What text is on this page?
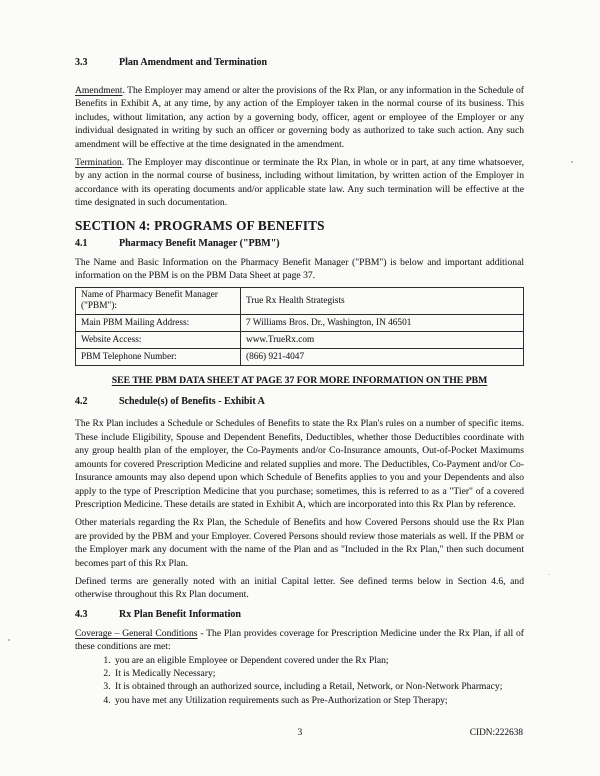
3.3	Plan Amendment and Termination

Amendment. The Employer may amend or alter the provisions of the Rx Plan, or any information in the Schedule of Benefits in Exhibit A, at any time, by any action of the Employer taken in the normal course of its business. This includes, without limitation, any action by a governing body, officer, agent or employee of the Employer or any individual designated in writing by such an officer or governing body as authorized to take such action. Any such amendment will be effective at the time designated in the amendment.

Termination. The Employer may discontinue or terminate the Rx Plan, in whole or in part, at any time whatsoever, by any action in the normal course of business, including without limitation, by written action of the Employer in accordance with its operating documents and/or applicable state law. Any such termination will be effective at the time designated in such documentation.

SECTION 4: PROGRAMS OF BENEFITS
4.1	Pharmacy Benefit Manager ("PBM")

The Name and Basic Information on the Pharmacy Benefit Manager ("PBM") is below and important additional information on the PBM is on the PBM Data Sheet at page 37.

Name of Pharmacy Benefit Manager ("PBM"):	True Rx Health Strategists
Main PBM Mailing Address:	7 Williams Bros. Dr., Washington, IN 46501
Website Access:	www.TrueRx.com
PBM Telephone Number:	(866) 921-4047
SEE THE PBM DATA SHEET AT PAGE 37 FOR MORE INFORMATION ON THE PBM
4.2	Schedule(s) of Benefits - Exhibit A

The Rx Plan includes a Schedule or Schedules of Benefits to state the Rx Plan's rules on a number of specific items. These include Eligibility, Spouse and Dependent Benefits, Deductibles, whether those Deductibles coordinate with any group health plan of the employer, the Co-Payments and/or Co-Insurance amounts, Out-of-Pocket Maximums amounts for covered Prescription Medicine and related supplies and more. The Deductibles, Co-Payment and/or Co-Insurance amounts may also depend upon which Schedule of Benefits applies to you and your Dependents and also apply to the type of Prescription Medicine that you purchase; sometimes, this is referred to as a "Tier" of a covered Prescription Medicine. These details are stated in Exhibit A, which are incorporated into this Rx Plan by reference.

Other materials regarding the Rx Plan, the Schedule of Benefits and how Covered Persons should use the Rx Plan are provided by the PBM and your Employer. Covered Persons should review those materials as well. If the PBM or the Employer mark any document with the name of the Plan and as "Included in the Rx Plan," then such document becomes part of this Rx Plan.

Defined terms are generally noted with an initial Capital letter. See defined terms below in Section 4.6, and otherwise throughout this Rx Plan document.

4.3	Rx Plan Benefit Information

Coverage – General Conditions - The Plan provides coverage for Prescription Medicine under the Rx Plan, if all of these conditions are met:

1. you are an eligible Employee or Dependent covered under the Rx Plan;
2. It is Medically Necessary;
3. It is obtained through an authorized source, including a Retail, Network, or Non-Network Pharmacy;
4. you have met any Utilization requirements such as Pre-Authorization or Step Therapy;
3	CIDN:222638
